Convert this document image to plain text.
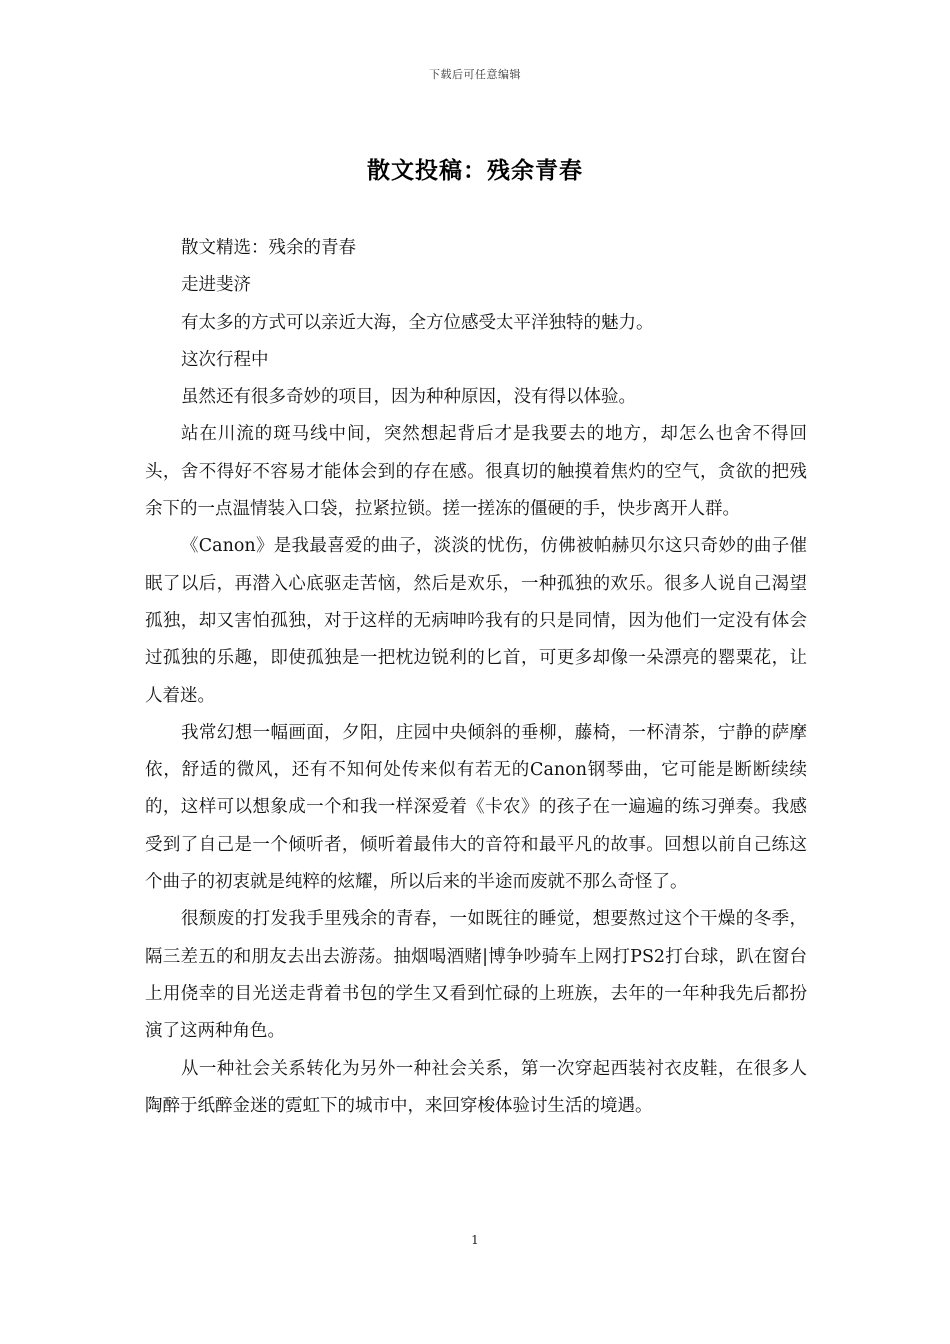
下载后可任意编辑
散文投稿：残余青春

散文精选：残余的青春

走进斐济

有太多的方式可以亲近大海，全方位感受太平洋独特的魅力。

这次行程中

虽然还有很多奇妙的项目，因为种种原因，没有得以体验。

站在川流的斑马线中间，突然想起背后才是我要去的地方，却怎么也舍不得回头，舍不得好不容易才能体会到的存在感。很真切的触摸着焦灼的空气，贪欲的把残余下的一点温情装入口袋，拉紧拉锁。搓一搓冻的僵硬的手，快步离开人群。

《Canon》是我最喜爱的曲子，淡淡的忧伤，仿佛被帕赫贝尔这只奇妙的曲子催眠了以后，再潜入心底驱走苦恼，然后是欢乐，一种孤独的欢乐。很多人说自己渴望孤独，却又害怕孤独，对于这样的无病呻吟我有的只是同情，因为他们一定没有体会过孤独的乐趣，即使孤独是一把枕边锐利的匕首，可更多却像一朵漂亮的罂粟花，让人着迷。

我常幻想一幅画面，夕阳，庄园中央倾斜的垂柳，藤椅，一杯清茶，宁静的萨摩依，舒适的微风，还有不知何处传来似有若无的Canon钢琴曲，它可能是断断续续的，这样可以想象成一个和我一样深爱着《卡农》的孩子在一遍遍的练习弹奏。我感受到了自己是一个倾听者，倾听着最伟大的音符和最平凡的故事。回想以前自己练这个曲子的初衷就是纯粹的炫耀，所以后来的半途而废就不那么奇怪了。

很颓废的打发我手里残余的青春，一如既往的睡觉，想要熬过这个干燥的冬季，隔三差五的和朋友去出去游荡。抽烟喝酒赌|博争吵骑车上网打PS2打台球，趴在窗台上用侥幸的目光送走背着书包的学生又看到忙碌的上班族，去年的一年种我先后都扮演了这两种角色。

从一种社会关系转化为另外一种社会关系，第一次穿起西装衬衣皮鞋，在很多人陶醉于纸醉金迷的霓虹下的城市中，来回穿梭体验讨生活的境遇。

1
